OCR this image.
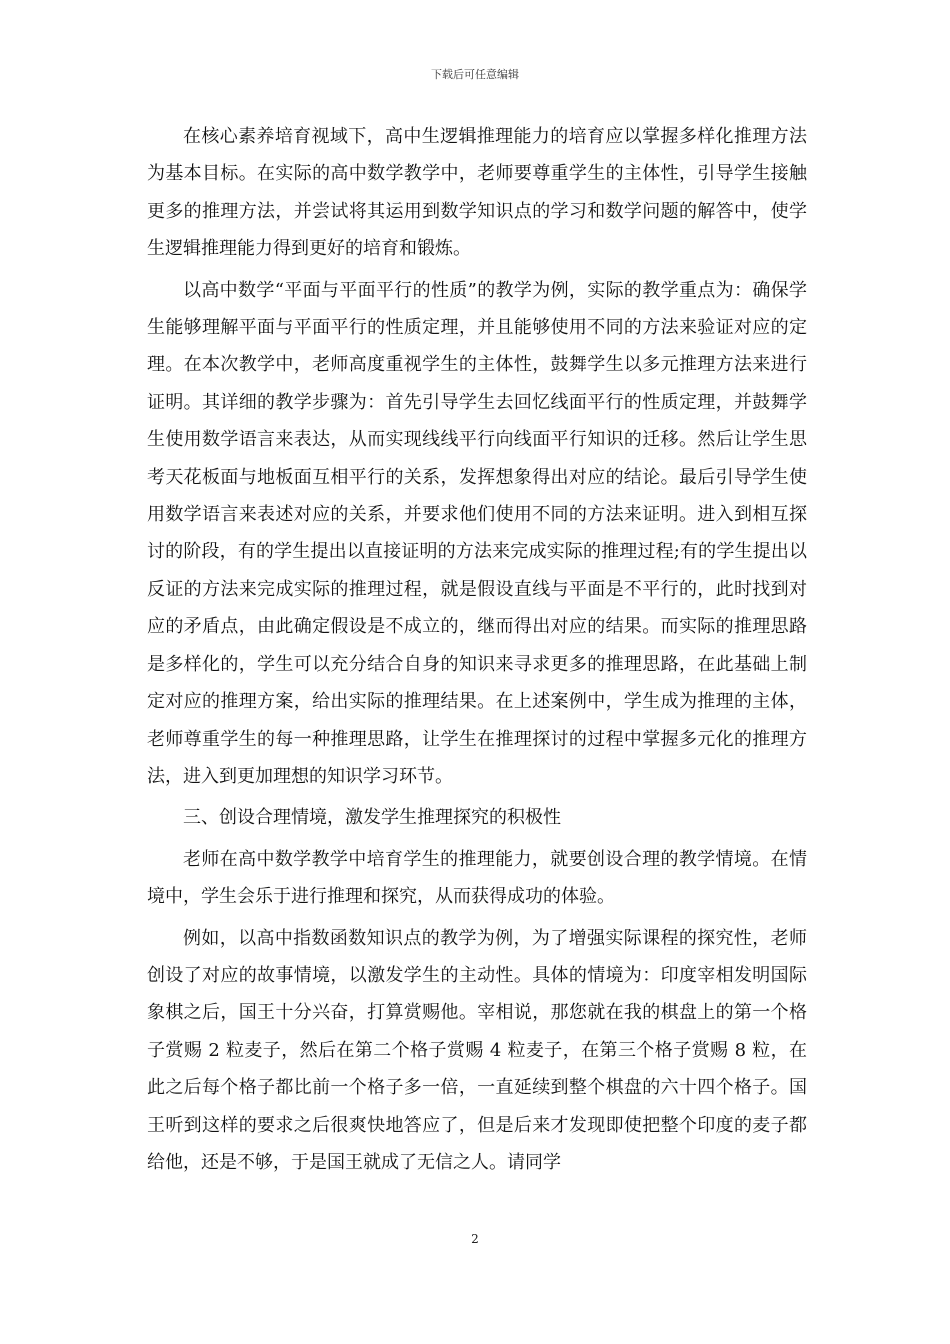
下载后可任意编辑

在核心素养培育视域下，高中生逻辑推理能力的培育应以掌握多样化推理方法为基本目标。在实际的高中数学教学中，老师要尊重学生的主体性，引导学生接触更多的推理方法，并尝试将其运用到数学知识点的学习和数学问题的解答中，使学生逻辑推理能力得到更好的培育和锻炼。

以高中数学“平面与平面平行的性质”的教学为例，实际的教学重点为：确保学生能够理解平面与平面平行的性质定理，并且能够使用不同的方法来验证对应的定理。在本次教学中，老师高度重视学生的主体性，鼓舞学生以多元推理方法来进行证明。其详细的教学步骤为：首先引导学生去回忆线面平行的性质定理，并鼓舞学生使用数学语言来表达，从而实现线线平行向线面平行知识的迁移。然后让学生思考天花板面与地板面互相平行的关系，发挥想象得出对应的结论。最后引导学生使用数学语言来表述对应的关系，并要求他们使用不同的方法来证明。进入到相互探讨的阶段，有的学生提出以直接证明的方法来完成实际的推理过程;有的学生提出以反证的方法来完成实际的推理过程，就是假设直线与平面是不平行的，此时找到对应的矛盾点，由此确定假设是不成立的，继而得出对应的结果。而实际的推理思路是多样化的，学生可以充分结合自身的知识来寻求更多的推理思路，在此基础上制定对应的推理方案，给出实际的推理结果。在上述案例中，学生成为推理的主体，老师尊重学生的每一种推理思路，让学生在推理探讨的过程中掌握多元化的推理方法，进入到更加理想的知识学习环节。

三、创设合理情境，激发学生推理探究的积极性

老师在高中数学教学中培育学生的推理能力，就要创设合理的教学情境。在情境中，学生会乐于进行推理和探究，从而获得成功的体验。

例如，以高中指数函数知识点的教学为例，为了增强实际课程的探究性，老师创设了对应的故事情境，以激发学生的主动性。具体的情境为：印度宰相发明国际象棋之后，国王十分兴奋，打算赏赐他。宰相说，那您就在我的棋盘上的第一个格子赏赐 2 粒麦子，然后在第二个格子赏赐 4 粒麦子，在第三个格子赏赐 8 粒，在此之后每个格子都比前一个格子多一倍，一直延续到整个棋盘的六十四个格子。国王听到这样的要求之后很爽快地答应了，但是后来才发现即使把整个印度的麦子都给他，还是不够，于是国王就成了无信之人。请同学

2
